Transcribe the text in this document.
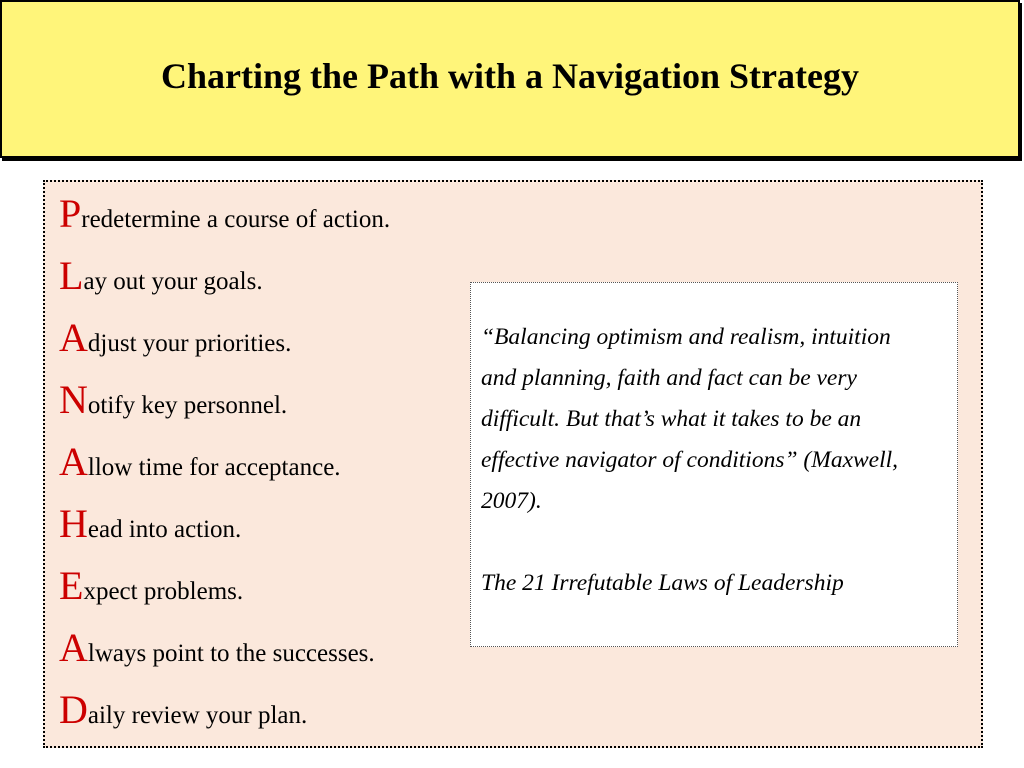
Charting the Path with a Navigation Strategy
Predetermine a course of action.
Lay out your goals.
Adjust your priorities.
Notify key personnel.
Allow time for acceptance.
Head into action.
Expect problems.
Always point to the successes.
Daily review your plan.

“Balancing optimism and realism, intuition and planning, faith and fact can be very difficult. But that’s what it takes to be an effective navigator of conditions” (Maxwell, 2007).

The 21 Irrefutable Laws of Leadership
